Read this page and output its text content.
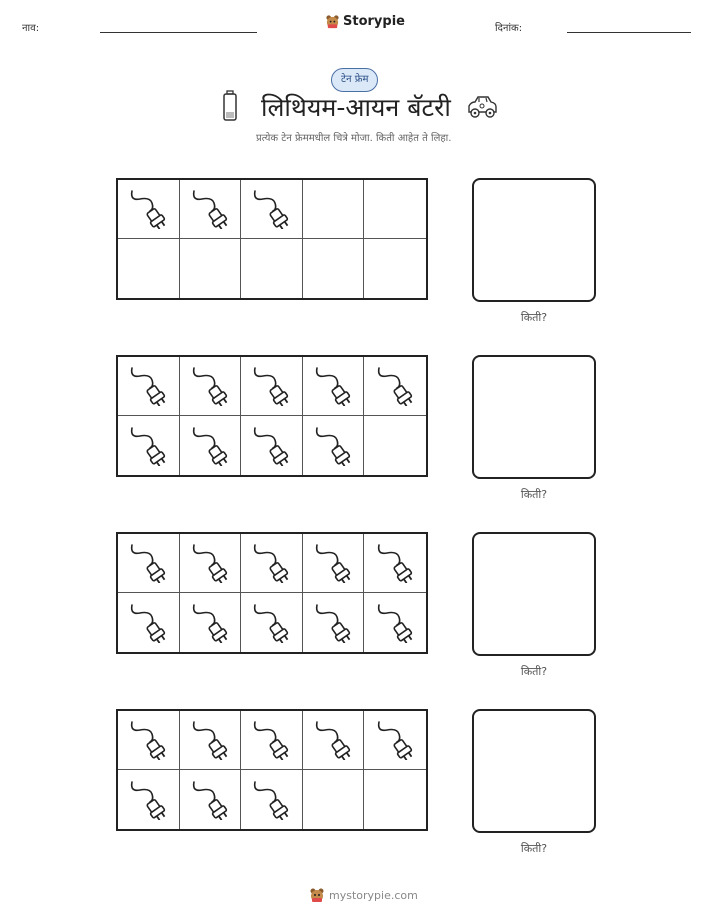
नाव:	Storypie	दिनांक:
टेन फ्रेम
लिथियम-आयन बॅटरी
प्रत्येक टेन फ्रेममधील चित्रे मोजा. किती आहेत ते लिहा.
किती?
किती?
किती?
किती?
mystorypie.com
